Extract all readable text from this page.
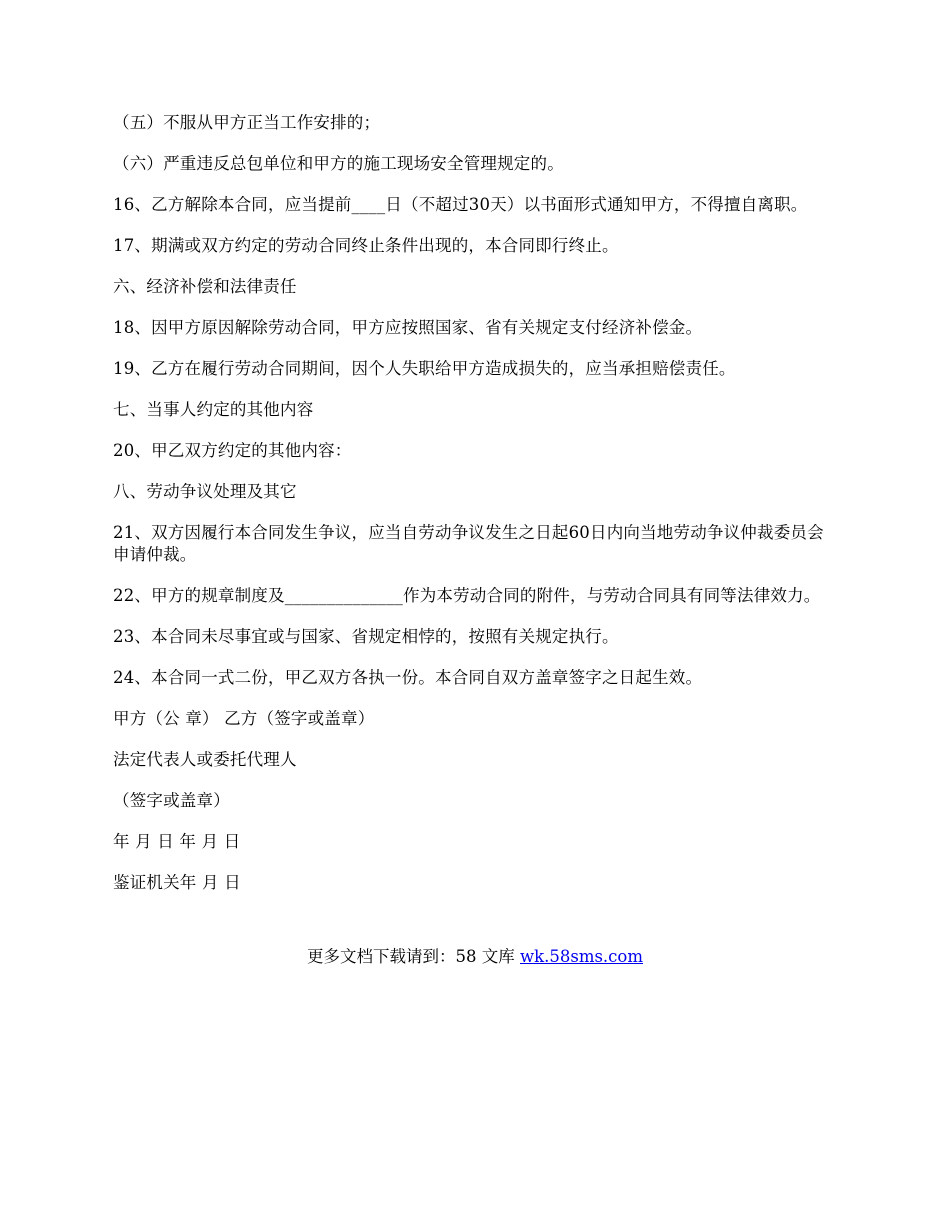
（五）不服从甲方正当工作安排的；

（六）严重违反总包单位和甲方的施工现场安全管理规定的。

16、乙方解除本合同，应当提前____日（不超过30天）以书面形式通知甲方，不得擅自离职。

17、期满或双方约定的劳动合同终止条件出现的，本合同即行终止。

六、经济补偿和法律责任

18、因甲方原因解除劳动合同，甲方应按照国家、省有关规定支付经济补偿金。

19、乙方在履行劳动合同期间，因个人失职给甲方造成损失的，应当承担赔偿责任。

七、当事人约定的其他内容

20、甲乙双方约定的其他内容：

八、劳动争议处理及其它

21、双方因履行本合同发生争议，应当自劳动争议发生之日起60日内向当地劳动争议仲裁委员会申请仲裁。

22、甲方的规章制度及______________作为本劳动合同的附件，与劳动合同具有同等法律效力。

23、本合同未尽事宜或与国家、省规定相悖的，按照有关规定执行。

24、本合同一式二份，甲乙双方各执一份。本合同自双方盖章签字之日起生效。

甲方（公 章） 乙方（签字或盖章）

法定代表人或委托代理人

（签字或盖章）

年 月 日 年 月 日

鉴证机关年 月 日

更多文档下载请到：58 文库 wk.58sms.com
